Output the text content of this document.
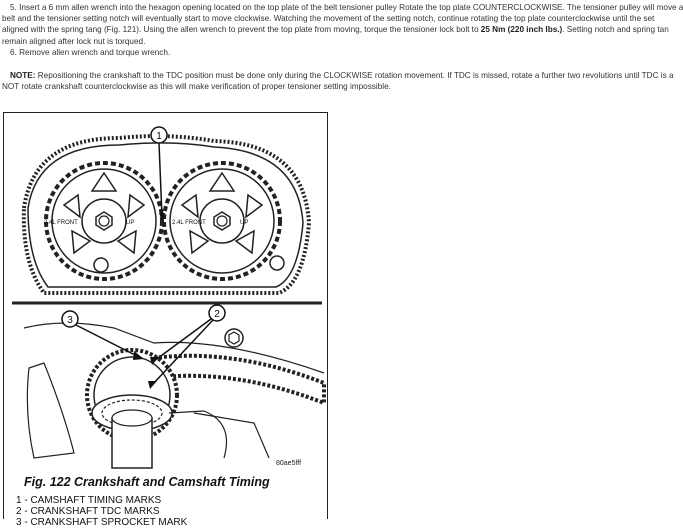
5. Insert a 6 mm allen wrench into the hexagon opening located on the top plate of the belt tensioner pulley Rotate the top plate COUNTERCLOCKWISE. The tensioner pulley will move a

belt and the tensioner setting notch will eventually start to move clockwise. Watching the movement of the setting notch, continue rotating the top plate counterclockwise until the set

aligned with the spring tang (Fig. 121). Using the allen wrench to prevent the top plate from moving, torque the tensioner lock bolt to 25 Nm (220 inch lbs.). Setting notch and spring tan

remain aligned after lock nut is torqued.

6. Remove allen wrench and torque wrench.

NOTE: Repositioning the crankshaft to the TDC position must be done only during the CLOCKWISE rotation movement. If TDC is missed, rotate a further two revolutions until TDC is a

NOT rotate crankshaft counterclockwise as this will make verification of proper tensioner setting impossible.

2.4L FRONT	UP	2.4L FRONT	UP
1
3
2
80ae5fff
Fig. 122 Crankshaft and Camshaft Timing
1 - CAMSHAFT TIMING MARKS
2 - CRANKSHAFT TDC MARKS
3 - CRANKSHAFT SPROCKET MARK
